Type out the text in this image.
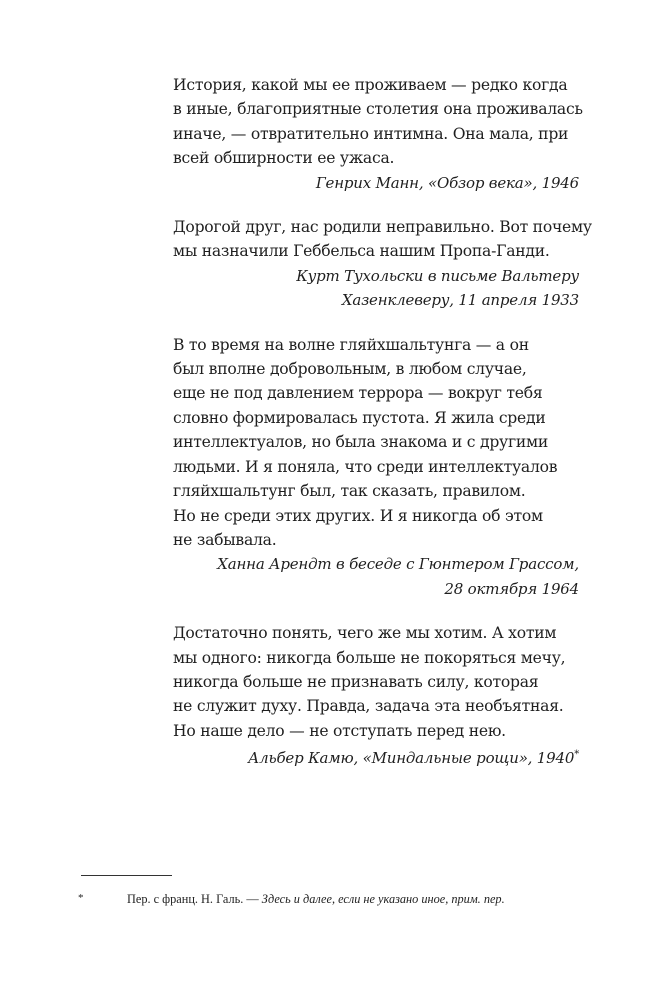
История, какой мы ее проживаем — редко когда

в иные, благоприятные столетия она проживалась

иначе, — отвратительно интимна. Она мала, при

всей обширности ее ужаса.

Генрих Манн, «Обзор века», 1946

Дорогой друг, нас родили неправильно. Вот почему

мы назначили Геббельса нашим Пропа-Ганди.

Курт Тухольски в письме Вальтеру

Хазенклеверу, 11 апреля 1933

В то время на волне гляйхшальтунга — а он

был вполне добровольным, в любом случае,

еще не под давлением террора — вокруг тебя

словно формировалась пустота. Я жила среди

интеллектуалов, но была знакома и с другими

людьми. И я поняла, что среди интеллектуалов

гляйхшальтунг был, так сказать, правилом.

Но не среди этих других. И я никогда об этом

не забывала.

Ханна Арендт в беседе с Гюнтером Грассом,

28 октября 1964

Достаточно понять, чего же мы хотим. А хотим

мы одного: никогда больше не покоряться мечу,

никогда больше не признавать силу, которая

не служит духу. Правда, задача эта необъятная.

Но наше дело — не отступать перед нею.

Альбер Камю, «Миндальные рощи», 1940*

*	Пер. с франц. Н. Галь. — Здесь и далее, если не указано иное, прим. пер.
